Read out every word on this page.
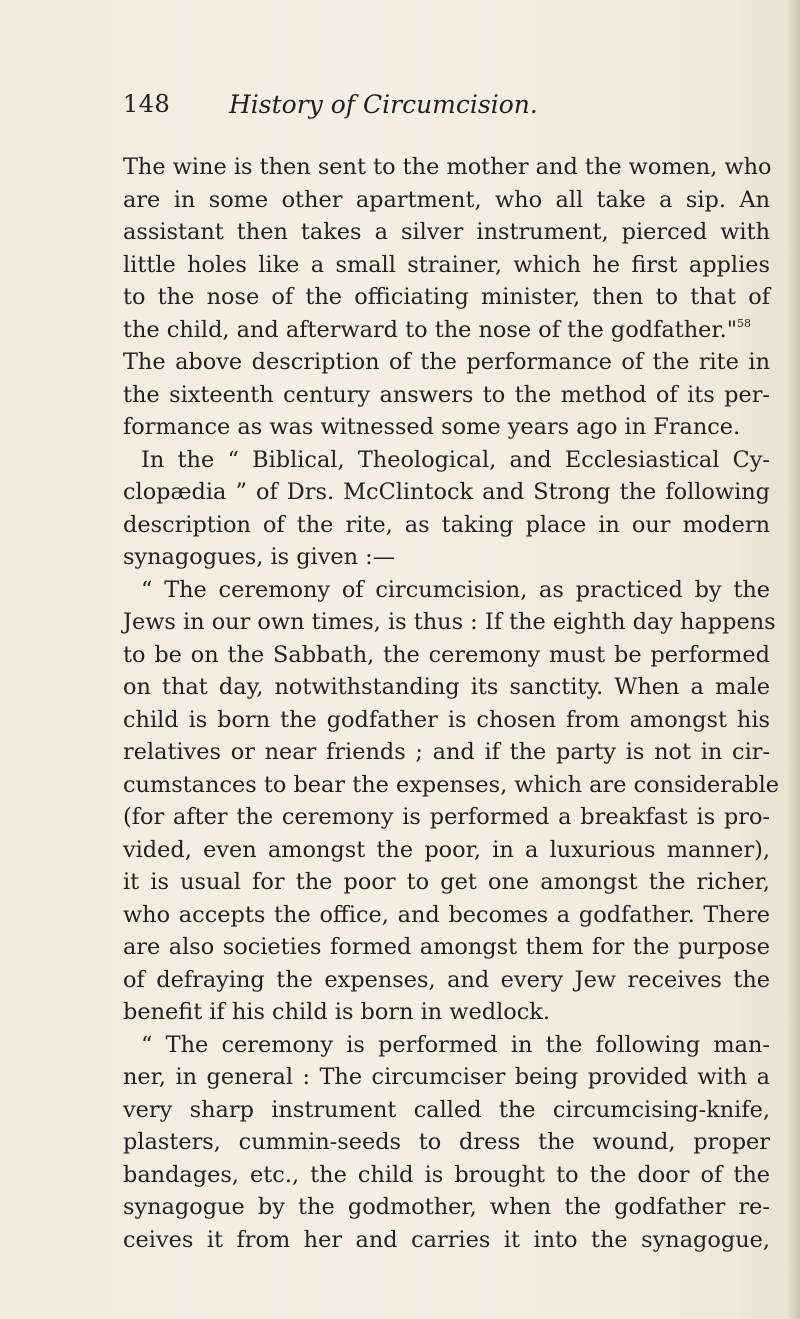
148 History of Circumcision.
The wine is then sent to the mother and the women, who
are in some other apartment, who all take a sip. An
assistant then takes a silver instrument, pierced with
little holes like a small strainer, which he first applies
to the nose of the officiating minister, then to that of
the child, and afterward to the nose of the godfather."$^{58}$
The above description of the performance of the rite in
the sixteenth century answers to the method of its per-
formance as was witnessed some years ago in France.
In the “ Biblical, Theological, and Ecclesiastical Cy-
clopædia ” of Drs. McClintock and Strong the following
description of the rite, as taking place in our modern
synagogues, is given :—
“ The ceremony of circumcision, as practiced by the
Jews in our own times, is thus : If the eighth day happens
to be on the Sabbath, the ceremony must be performed
on that day, notwithstanding its sanctity. When a male
child is born the godfather is chosen from amongst his
relatives or near friends ; and if the party is not in cir-
cumstances to bear the expenses, which are considerable
(for after the ceremony is performed a breakfast is pro-
vided, even amongst the poor, in a luxurious manner),
it is usual for the poor to get one amongst the richer,
who accepts the office, and becomes a godfather. There
are also societies formed amongst them for the purpose
of defraying the expenses, and every Jew receives the
benefit if his child is born in wedlock.
“ The ceremony is performed in the following man-
ner, in general : The circumciser being provided with a
very sharp instrument called the circumcising-knife,
plasters, cummin-seeds to dress the wound, proper
bandages, etc., the child is brought to the door of the
synagogue by the godmother, when the godfather re-
ceives it from her and carries it into the synagogue,
